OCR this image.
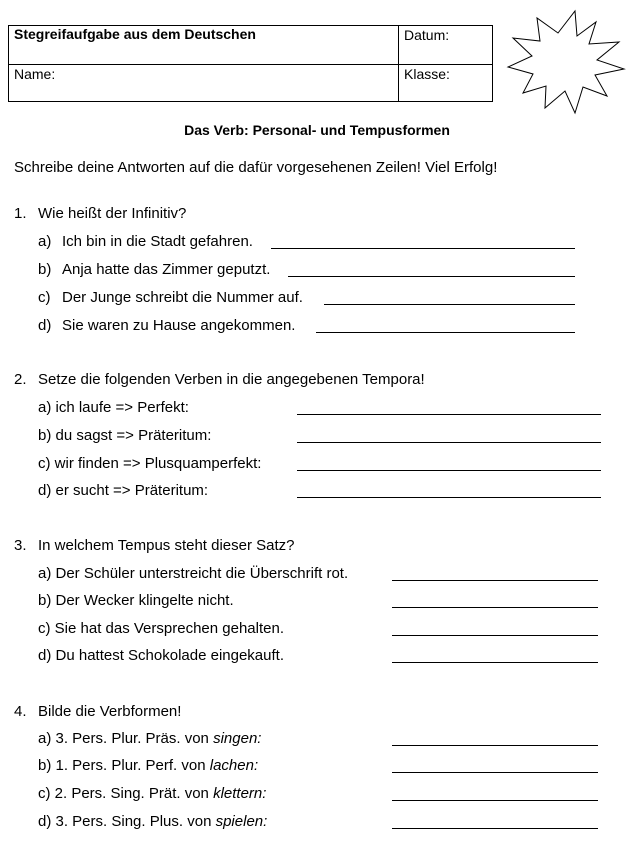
Stegreifaufgabe aus dem Deutschen	Datum:
Name:	Klasse:
Das Verb: Personal- und Tempusformen
Schreibe deine Antworten auf die dafür vorgesehenen Zeilen! Viel Erfolg!
1. Wie heißt der Infinitiv?
a) Ich bin in die Stadt gefahren.
b) Anja hatte das Zimmer geputzt.
c) Der Junge schreibt die Nummer auf.
d) Sie waren zu Hause angekommen.
2. Setze die folgenden Verben in die angegebenen Tempora!
a) ich laufe => Perfekt:
b) du sagst => Präteritum:
c) wir finden => Plusquamperfekt:
d) er sucht => Präteritum:
3. In welchem Tempus steht dieser Satz?
a) Der Schüler unterstreicht die Überschrift rot.
b) Der Wecker klingelte nicht.
c) Sie hat das Versprechen gehalten.
d) Du hattest Schokolade eingekauft.
4. Bilde die Verbformen!
a) 3. Pers. Plur. Präs. von singen:
b) 1. Pers. Plur. Perf. von lachen:
c) 2. Pers. Sing. Prät. von klettern:
d) 3. Pers. Sing. Plus. von spielen:
